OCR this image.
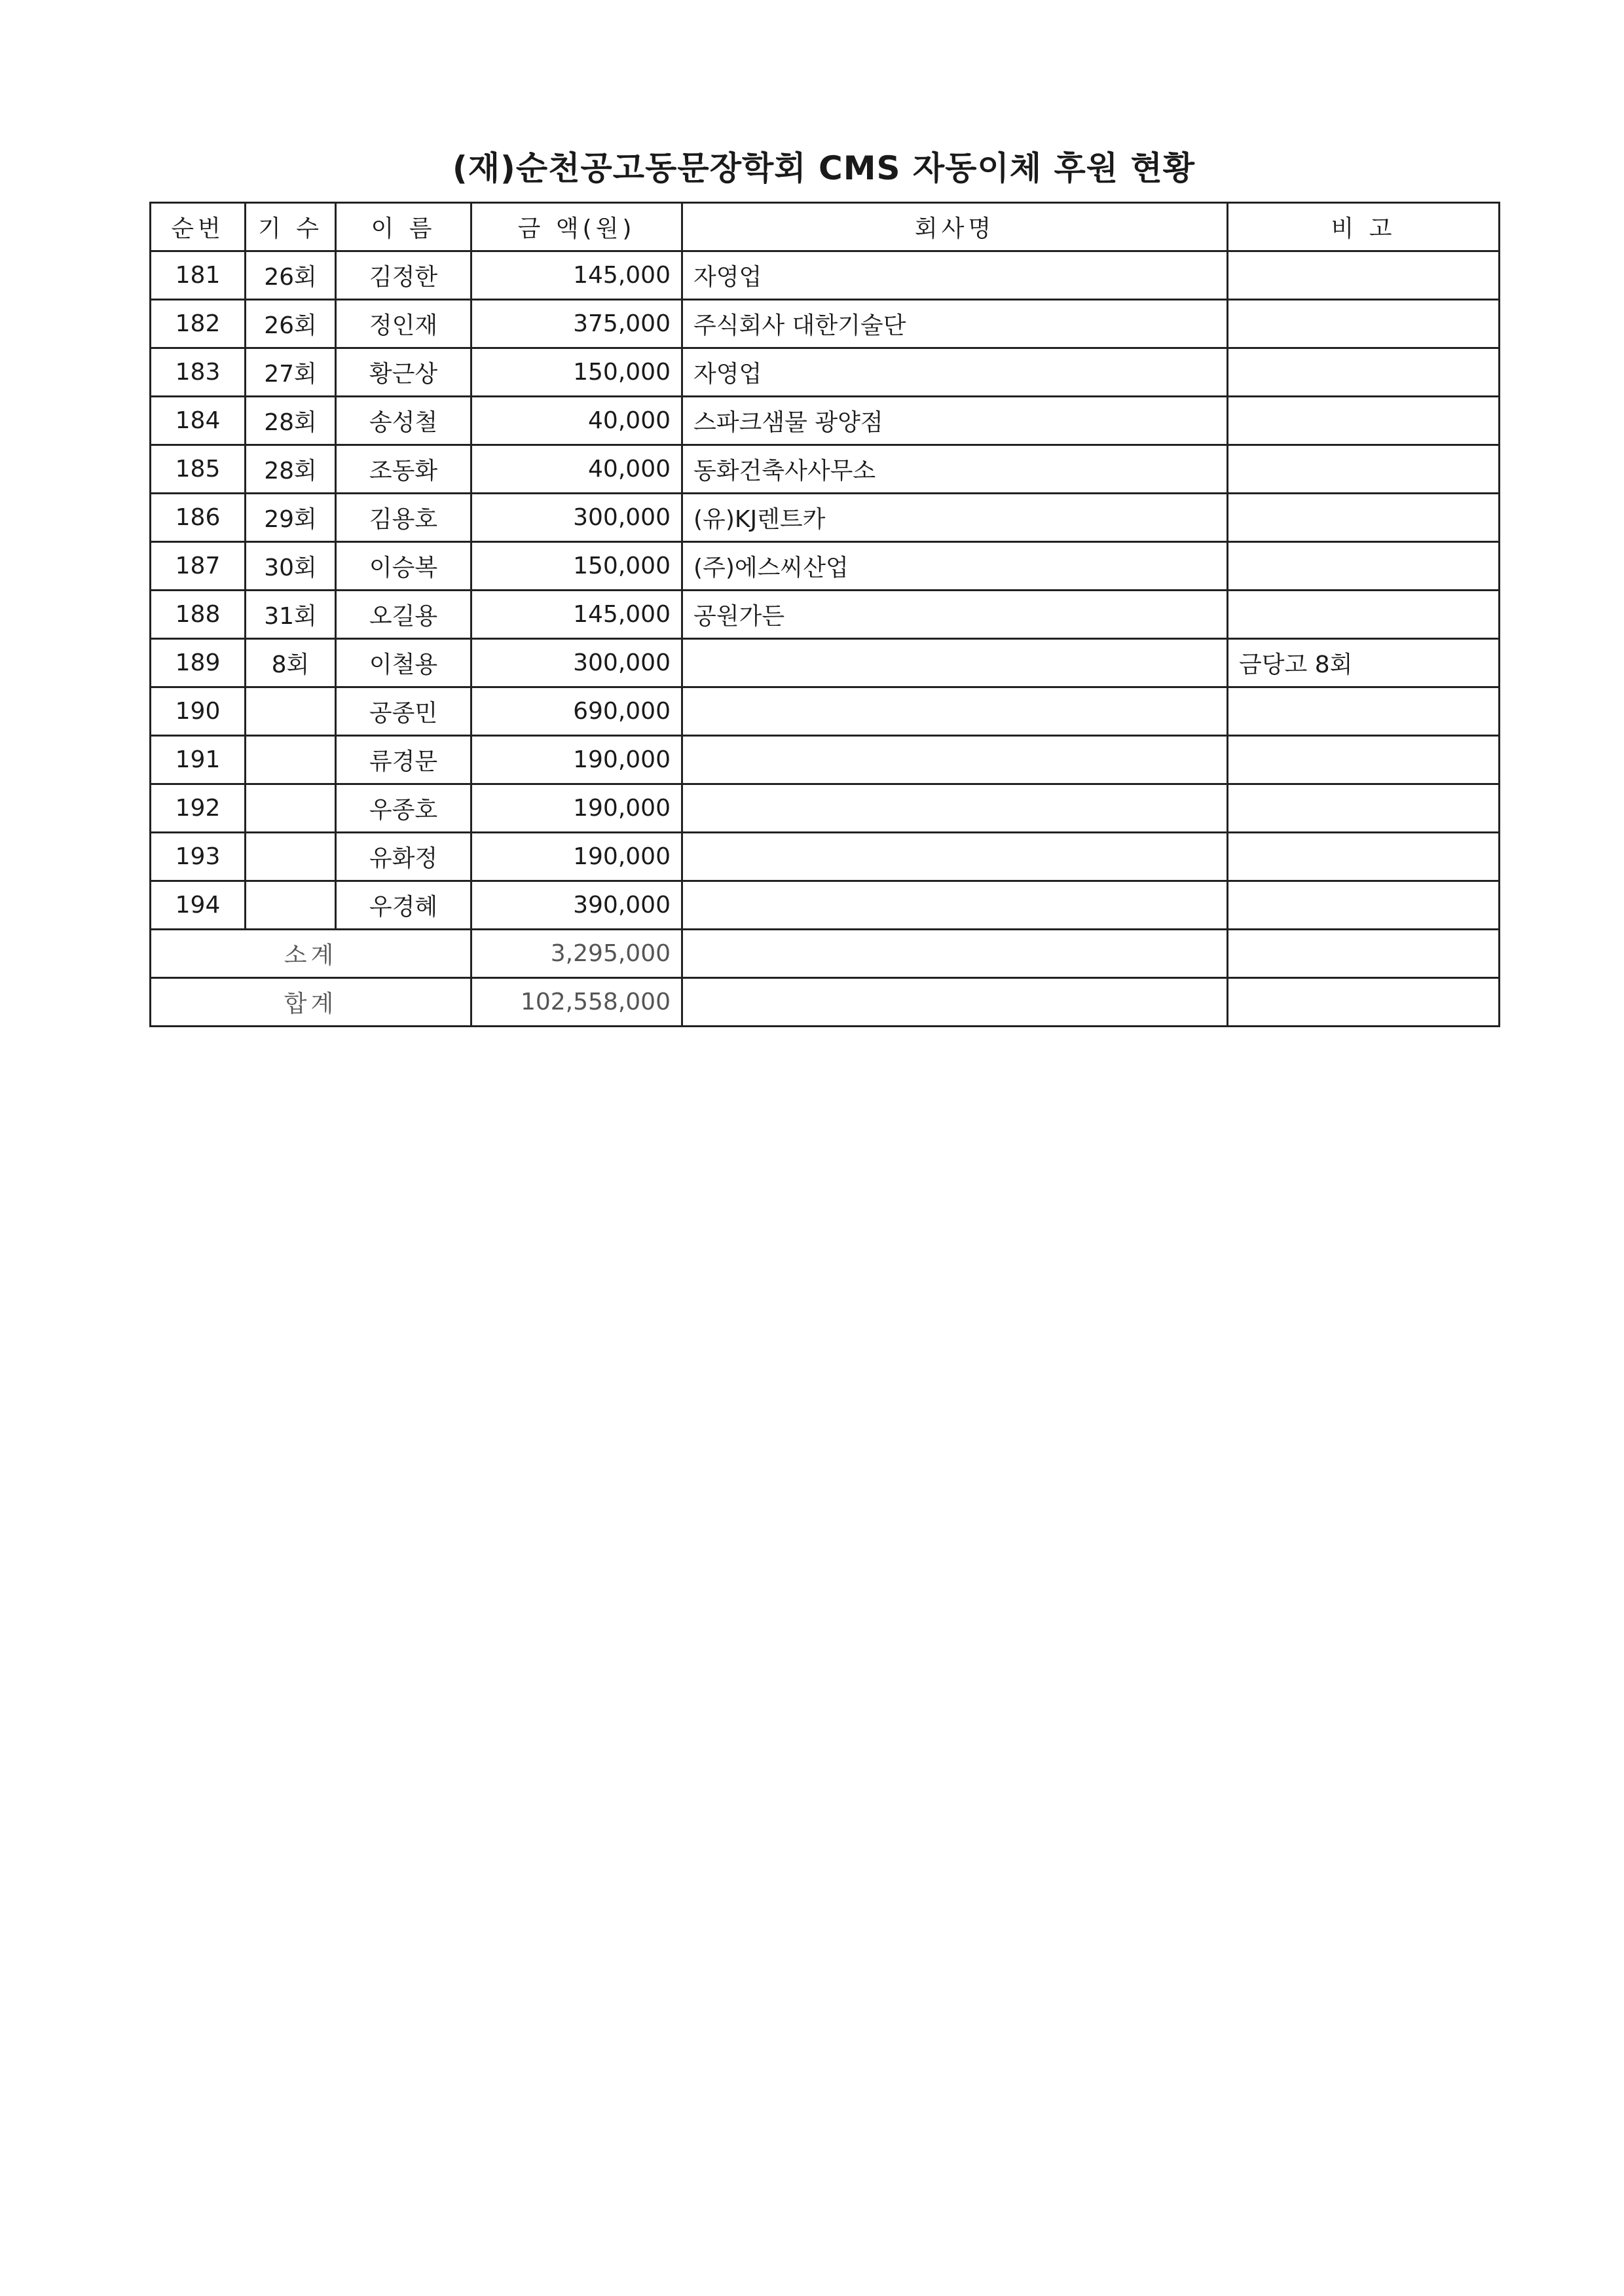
(재)순천공고동문장학회 CMS 자동이체 후원 현황
순번	기 수	이 름	금 액(원)	회사명	비 고
181	26회	김정한	145,000	자영업	
182	26회	정인재	375,000	주식회사 대한기술단	
183	27회	황근상	150,000	자영업	
184	28회	송성철	40,000	스파크샘물 광양점	
185	28회	조동화	40,000	동화건축사사무소	
186	29회	김용호	300,000	(유)KJ렌트카	
187	30회	이승복	150,000	(주)에스씨산업	
188	31회	오길용	145,000	공원가든	
189	8회	이철용	300,000		금당고 8회
190		공종민	690,000		
191		류경문	190,000		
192		우종호	190,000		
193		유화정	190,000		
194		우경혜	390,000		
소계			3,295,000		
합계			102,558,000		
